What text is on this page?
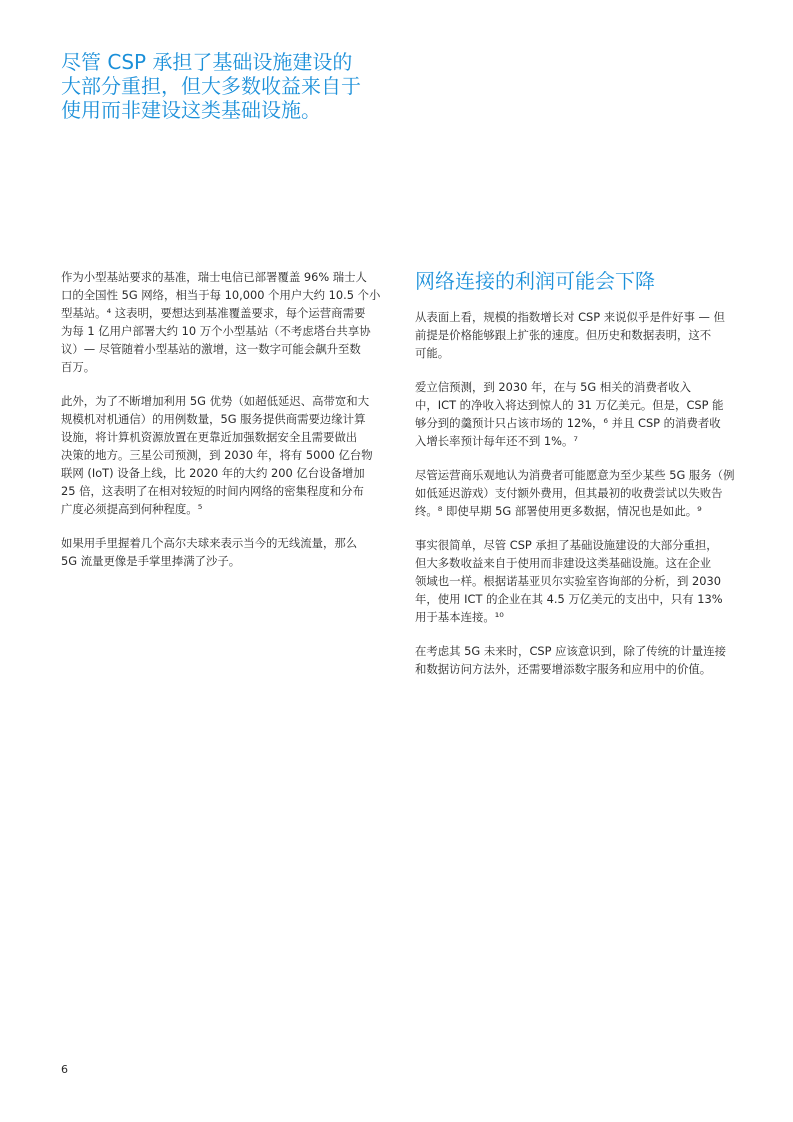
尽管 CSP 承担了基础设施建设的
大部分重担，但大多数收益来自于
使用而非建设这类基础设施。

作为小型基站要求的基准，瑞士电信已部署覆盖 96% 瑞士人
口的全国性 5G 网络，相当于每 10,000 个用户大约 10.5 个小
型基站。⁴ 这表明，要想达到基准覆盖要求，每个运营商需要
为每 1 亿用户部署大约 10 万个小型基站（不考虑塔台共享协
议）— 尽管随着小型基站的激增，这一数字可能会飙升至数
百万。

此外，为了不断增加利用 5G 优势（如超低延迟、高带宽和大
规模机对机通信）的用例数量，5G 服务提供商需要边缘计算
设施，将计算机资源放置在更靠近加强数据安全且需要做出
决策的地方。三星公司预测，到 2030 年，将有 5000 亿台物
联网 (IoT) 设备上线，比 2020 年的大约 200 亿台设备增加
25 倍，这表明了在相对较短的时间内网络的密集程度和分布
广度必须提高到何种程度。⁵

如果用手里握着几个高尔夫球来表示当今的无线流量，那么
5G 流量更像是手掌里捧满了沙子。

网络连接的利润可能会下降

从表面上看，规模的指数增长对 CSP 来说似乎是件好事 — 但
前提是价格能够跟上扩张的速度。但历史和数据表明，这不
可能。

爱立信预测，到 2030 年，在与 5G 相关的消费者收入
中，ICT 的净收入将达到惊人的 31 万亿美元。但是，CSP 能
够分到的羹预计只占该市场的 12%，⁶ 并且 CSP 的消费者收
入增长率预计每年还不到 1%。⁷

尽管运营商乐观地认为消费者可能愿意为至少某些 5G 服务（例
如低延迟游戏）支付额外费用，但其最初的收费尝试以失败告
终。⁸ 即使早期 5G 部署使用更多数据，情况也是如此。⁹

事实很简单，尽管 CSP 承担了基础设施建设的大部分重担，
但大多数收益来自于使用而非建设这类基础设施。这在企业
领域也一样。根据诺基亚贝尔实验室咨询部的分析，到 2030
年，使用 ICT 的企业在其 4.5 万亿美元的支出中，只有 13%
用于基本连接。¹⁰

在考虑其 5G 未来时，CSP 应该意识到，除了传统的计量连接
和数据访问方法外，还需要增添数字服务和应用中的价值。

6
